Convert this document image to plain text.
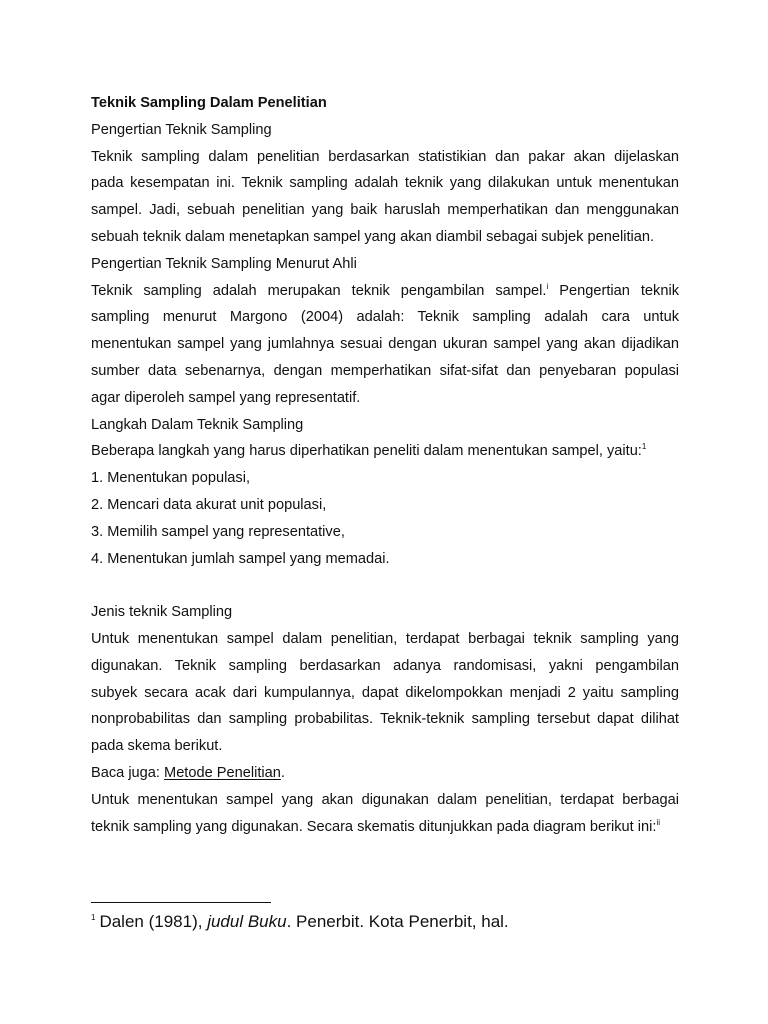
Teknik Sampling Dalam Penelitian
Pengertian Teknik Sampling
Teknik sampling dalam penelitian berdasarkan statistikian dan pakar akan dijelaskan
pada kesempatan ini. Teknik sampling adalah teknik yang dilakukan untuk menentukan
sampel. Jadi, sebuah penelitian yang baik haruslah memperhatikan dan menggunakan
sebuah teknik dalam menetapkan sampel yang akan diambil sebagai subjek penelitian.
Pengertian Teknik Sampling Menurut Ahli
Teknik sampling adalah merupakan teknik pengambilan sampel.$^i$ Pengertian teknik
sampling menurut Margono (2004) adalah: Teknik sampling adalah cara untuk
menentukan sampel yang jumlahnya sesuai dengan ukuran sampel yang akan dijadikan
sumber data sebenarnya, dengan memperhatikan sifat-sifat dan penyebaran populasi
agar diperoleh sampel yang representatif.
Langkah Dalam Teknik Sampling
Beberapa langkah yang harus diperhatikan peneliti dalam menentukan sampel, yaitu:$^1$
1. Menentukan populasi,
2. Mencari data akurat unit populasi,
3. Memilih sampel yang representative,
4. Menentukan jumlah sampel yang memadai.
Jenis teknik Sampling
Untuk menentukan sampel dalam penelitian, terdapat berbagai teknik sampling yang
digunakan. Teknik sampling berdasarkan adanya randomisasi, yakni pengambilan
subyek secara acak dari kumpulannya, dapat dikelompokkan menjadi 2 yaitu sampling
nonprobabilitas dan sampling probabilitas. Teknik-teknik sampling tersebut dapat dilihat
pada skema berikut.
Baca juga: Metode Penelitian.
Untuk menentukan sampel yang akan digunakan dalam penelitian, terdapat berbagai
teknik sampling yang digunakan. Secara skematis ditunjukkan pada diagram berikut ini:$^{ii}$
$^1$ Dalen (1981), judul Buku. Penerbit. Kota Penerbit, hal.
